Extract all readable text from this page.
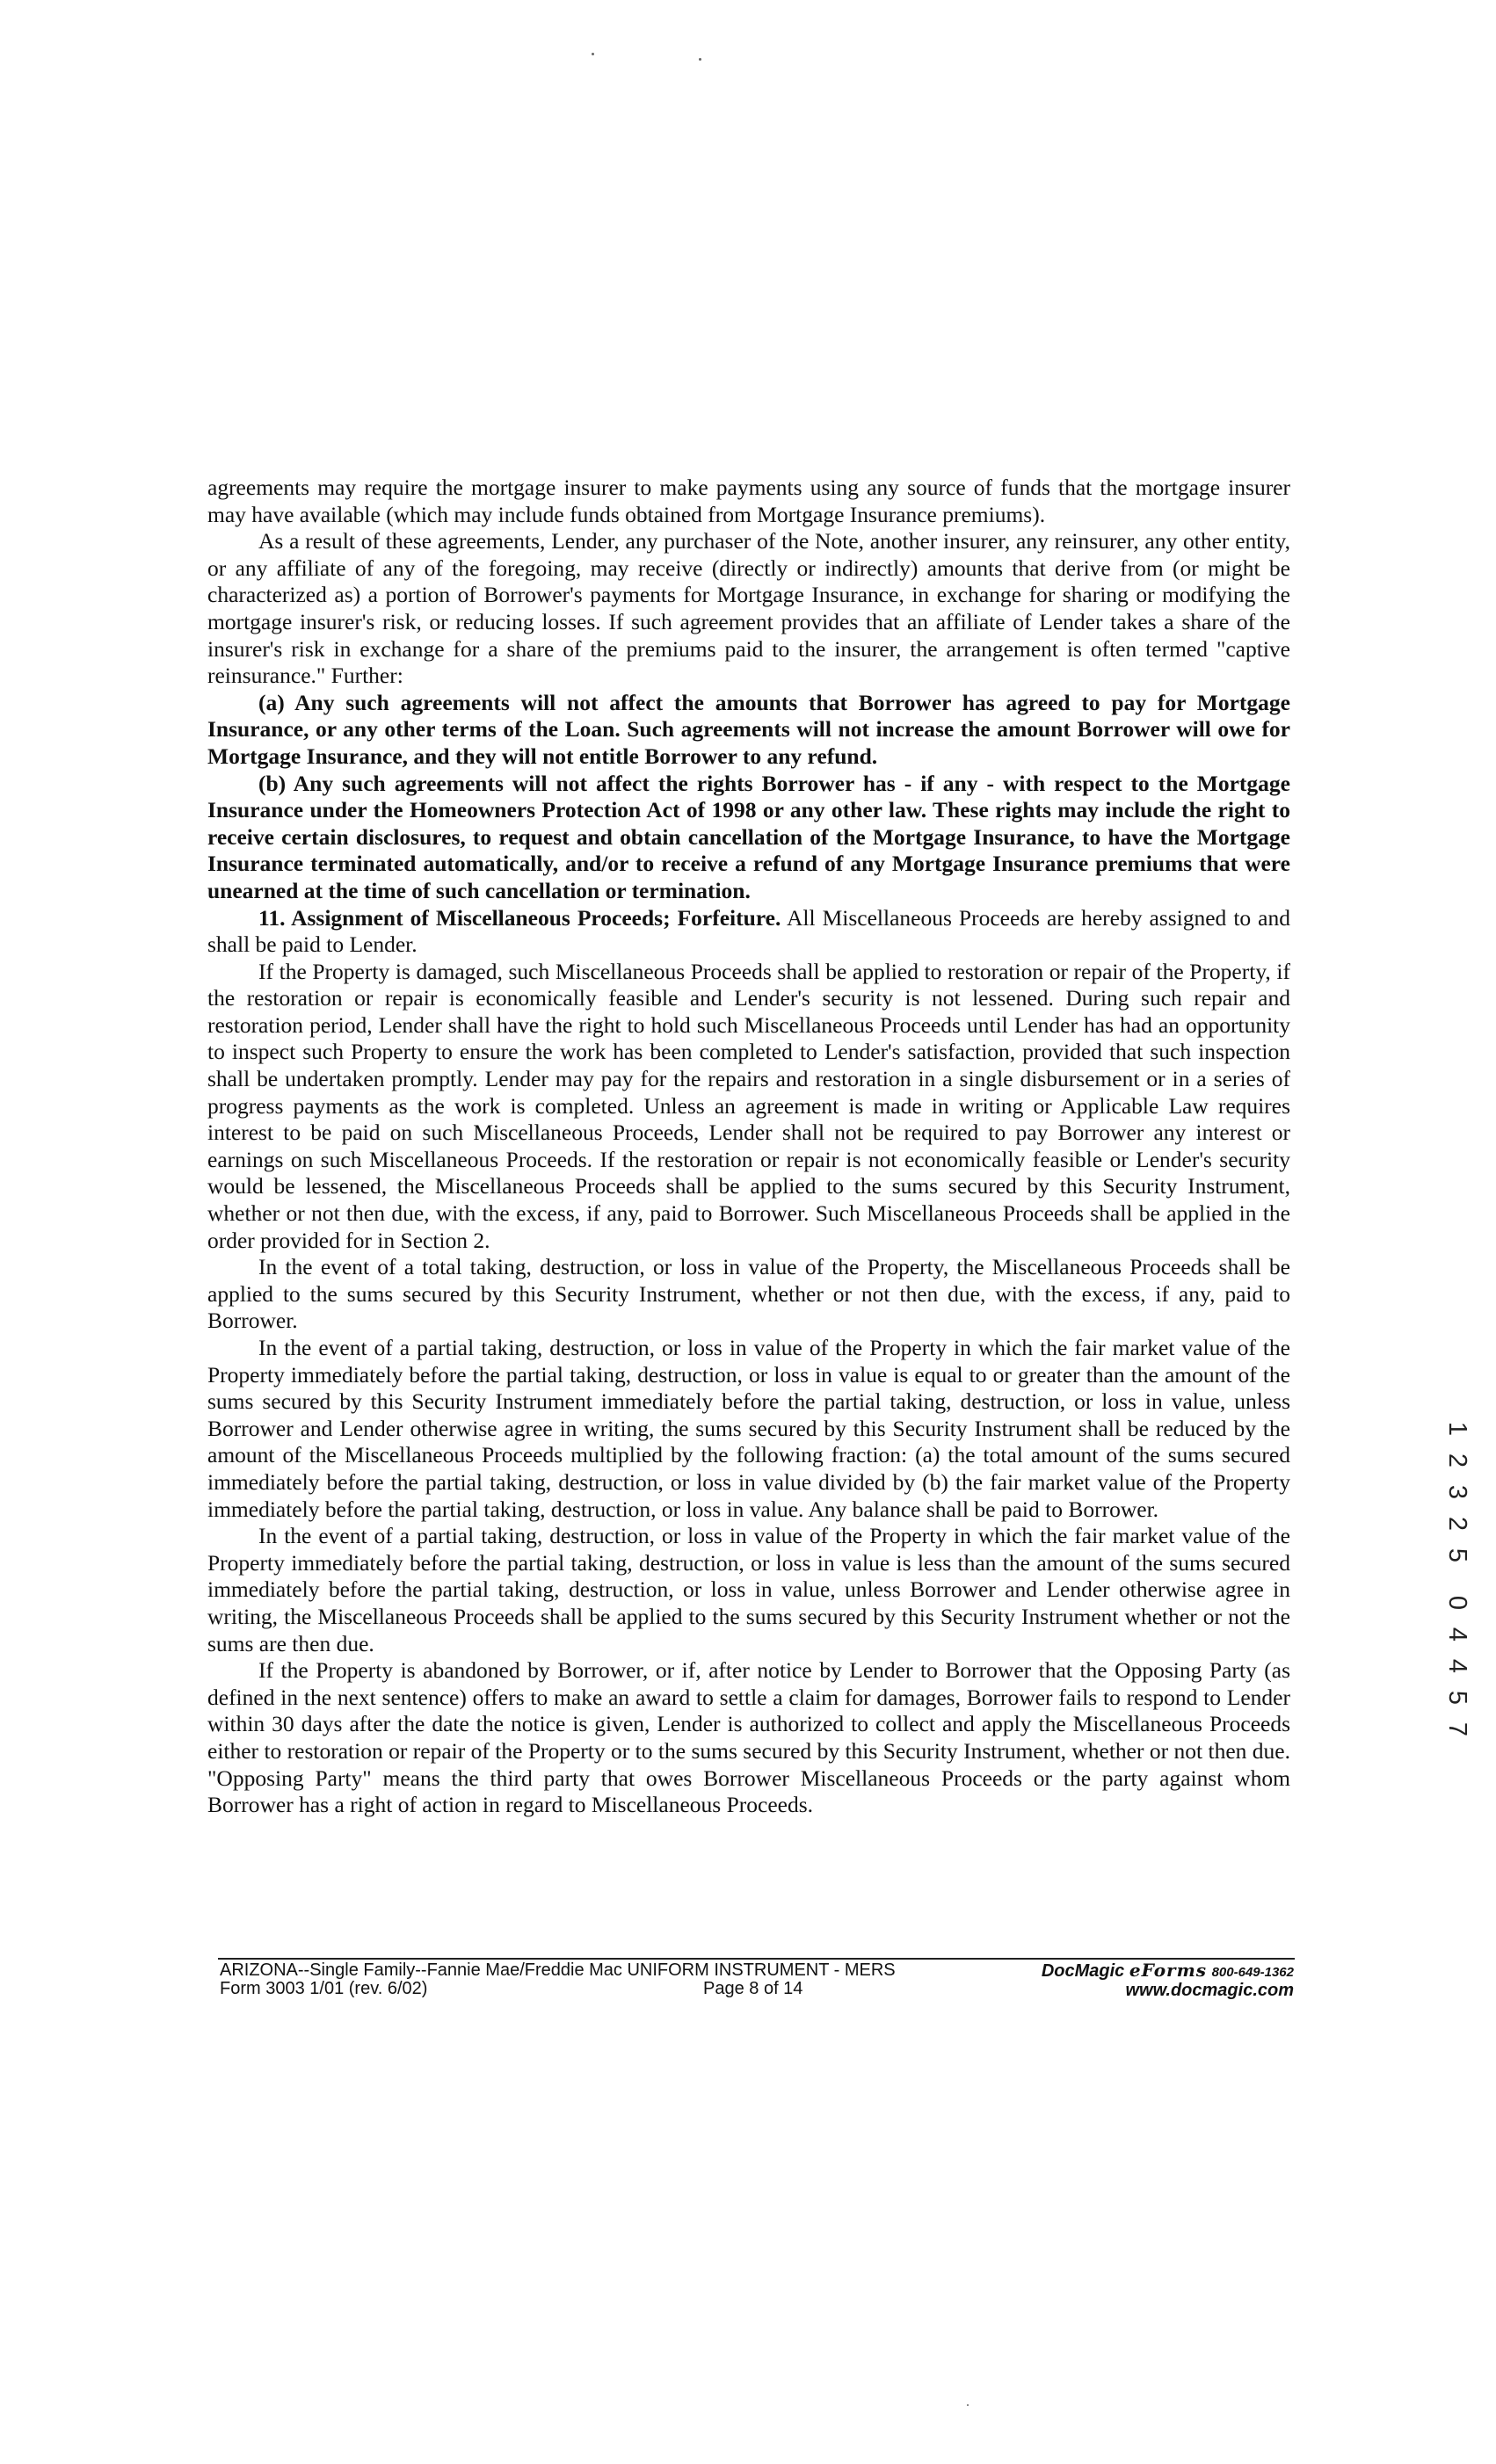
agreements may require the mortgage insurer to make payments using any source of funds that the mortgage insurer may have available (which may include funds obtained from Mortgage Insurance premiums).

As a result of these agreements, Lender, any purchaser of the Note, another insurer, any reinsurer, any other entity, or any affiliate of any of the foregoing, may receive (directly or indirectly) amounts that derive from (or might be characterized as) a portion of Borrower's payments for Mortgage Insurance, in exchange for sharing or modifying the mortgage insurer's risk, or reducing losses. If such agreement provides that an affiliate of Lender takes a share of the insurer's risk in exchange for a share of the premiums paid to the insurer, the arrangement is often termed "captive reinsurance." Further:

(a) Any such agreements will not affect the amounts that Borrower has agreed to pay for Mortgage Insurance, or any other terms of the Loan. Such agreements will not increase the amount Borrower will owe for Mortgage Insurance, and they will not entitle Borrower to any refund.

(b) Any such agreements will not affect the rights Borrower has - if any - with respect to the Mortgage Insurance under the Homeowners Protection Act of 1998 or any other law. These rights may include the right to receive certain disclosures, to request and obtain cancellation of the Mortgage Insurance, to have the Mortgage Insurance terminated automatically, and/or to receive a refund of any Mortgage Insurance premiums that were unearned at the time of such cancellation or termination.

11. Assignment of Miscellaneous Proceeds; Forfeiture. All Miscellaneous Proceeds are hereby assigned to and shall be paid to Lender.

If the Property is damaged, such Miscellaneous Proceeds shall be applied to restoration or repair of the Property, if the restoration or repair is economically feasible and Lender's security is not lessened. During such repair and restoration period, Lender shall have the right to hold such Miscellaneous Proceeds until Lender has had an opportunity to inspect such Property to ensure the work has been completed to Lender's satisfaction, provided that such inspection shall be undertaken promptly. Lender may pay for the repairs and restoration in a single disbursement or in a series of progress payments as the work is completed. Unless an agreement is made in writing or Applicable Law requires interest to be paid on such Miscellaneous Proceeds, Lender shall not be required to pay Borrower any interest or earnings on such Miscellaneous Proceeds. If the restoration or repair is not economically feasible or Lender's security would be lessened, the Miscellaneous Proceeds shall be applied to the sums secured by this Security Instrument, whether or not then due, with the excess, if any, paid to Borrower. Such Miscellaneous Proceeds shall be applied in the order provided for in Section 2.

In the event of a total taking, destruction, or loss in value of the Property, the Miscellaneous Proceeds shall be applied to the sums secured by this Security Instrument, whether or not then due, with the excess, if any, paid to Borrower.

In the event of a partial taking, destruction, or loss in value of the Property in which the fair market value of the Property immediately before the partial taking, destruction, or loss in value is equal to or greater than the amount of the sums secured by this Security Instrument immediately before the partial taking, destruction, or loss in value, unless Borrower and Lender otherwise agree in writing, the sums secured by this Security Instrument shall be reduced by the amount of the Miscellaneous Proceeds multiplied by the following fraction: (a) the total amount of the sums secured immediately before the partial taking, destruction, or loss in value divided by (b) the fair market value of the Property immediately before the partial taking, destruction, or loss in value. Any balance shall be paid to Borrower.

In the event of a partial taking, destruction, or loss in value of the Property in which the fair market value of the Property immediately before the partial taking, destruction, or loss in value is less than the amount of the sums secured immediately before the partial taking, destruction, or loss in value, unless Borrower and Lender otherwise agree in writing, the Miscellaneous Proceeds shall be applied to the sums secured by this Security Instrument whether or not the sums are then due.

If the Property is abandoned by Borrower, or if, after notice by Lender to Borrower that the Opposing Party (as defined in the next sentence) offers to make an award to settle a claim for damages, Borrower fails to respond to Lender within 30 days after the date the notice is given, Lender is authorized to collect and apply the Miscellaneous Proceeds either to restoration or repair of the Property or to the sums secured by this Security Instrument, whether or not then due. "Opposing Party" means the third party that owes Borrower Miscellaneous Proceeds or the party against whom Borrower has a right of action in regard to Miscellaneous Proceeds.

ARIZONA--Single Family--Fannie Mae/Freddie Mac UNIFORM INSTRUMENT - MERS
Form 3003 1/01 (rev. 6/02)	Page 8 of 14
DocMagic eForms 800-649-1362
www.docmagic.com
1
2
3
2
5
0
4
4
5
7
